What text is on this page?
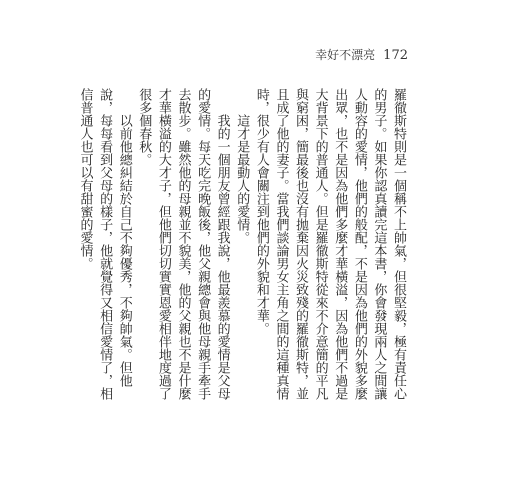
幸好不漂亮 172

羅徹斯特則是一個稱不上帥氣，但很堅毅，極有責任心的男子。如果你認真讀完這本書，你會發現兩人之間讓人動容的愛情，他們的般配，不是因為他們的外貌多麼出眾，也不是因為他們多麼才華橫溢，因為他們不過是大背景下的普通人。但是羅徹斯特從來不介意簡的平凡與窮困，簡最後也沒有拋棄因火災致殘的羅徹斯特，並且成了他的妻子。當我們談論男女主角之間的這種真情時，很少有人會關注到他們的外貌和才華。

這才是最動人的愛情。

我的一個朋友曾經跟我說，他最羨慕的愛情是父母的愛情。每天吃完晚飯後，他父親總會與他母親手牽手去散步。雖然他的母親並不貌美，他的父親也不是什麼才華橫溢的大才子，但他們切切實實恩愛相伴地度過了很多個春秋。

以前他總糾結於自己不夠優秀，不夠帥氣。但他說，每每看到父母的樣子，他就覺得又相信愛情了，相信普通人也可以有甜蜜的愛情。
